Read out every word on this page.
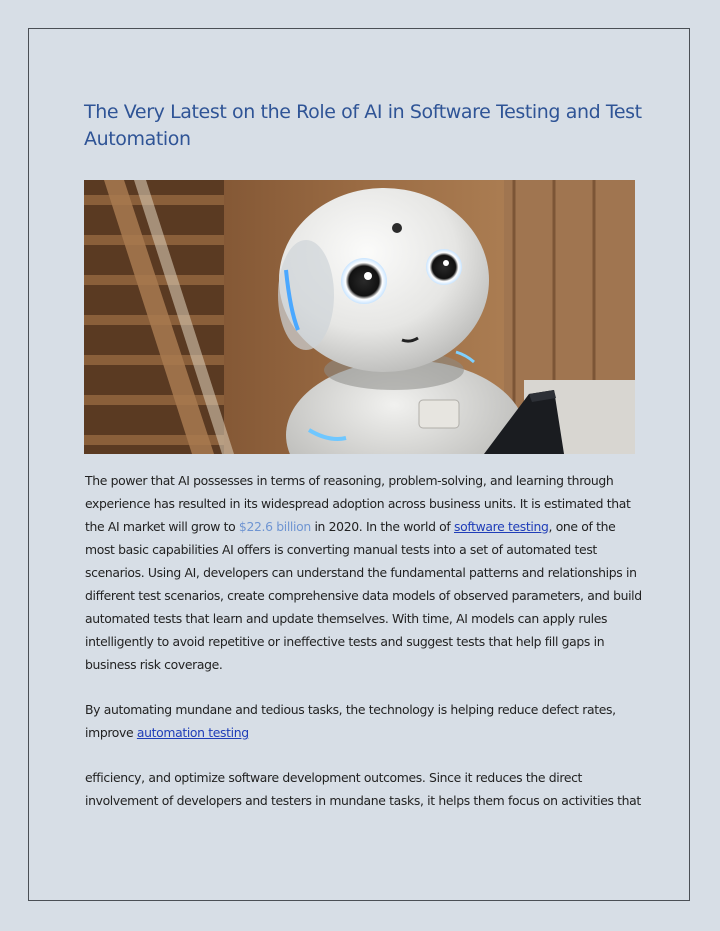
The Very Latest on the Role of AI in Software Testing and Test
Automation

The power that AI possesses in terms of reasoning, problem-solving, and learning through
experience has resulted in its widespread adoption across business units. It is estimated that
the AI market will grow to $22.6 billion in 2020. In the world of software testing, one of the
most basic capabilities AI offers is converting manual tests into a set of automated test
scenarios. Using AI, developers can understand the fundamental patterns and relationships in
different test scenarios, create comprehensive data models of observed parameters, and build
automated tests that learn and update themselves. With time, AI models can apply rules
intelligently to avoid repetitive or ineffective tests and suggest tests that help fill gaps in
business risk coverage.

By automating mundane and tedious tasks, the technology is helping reduce defect rates,
improve automation testing

efficiency, and optimize software development outcomes. Since it reduces the direct
involvement of developers and testers in mundane tasks, it helps them focus on activities that
